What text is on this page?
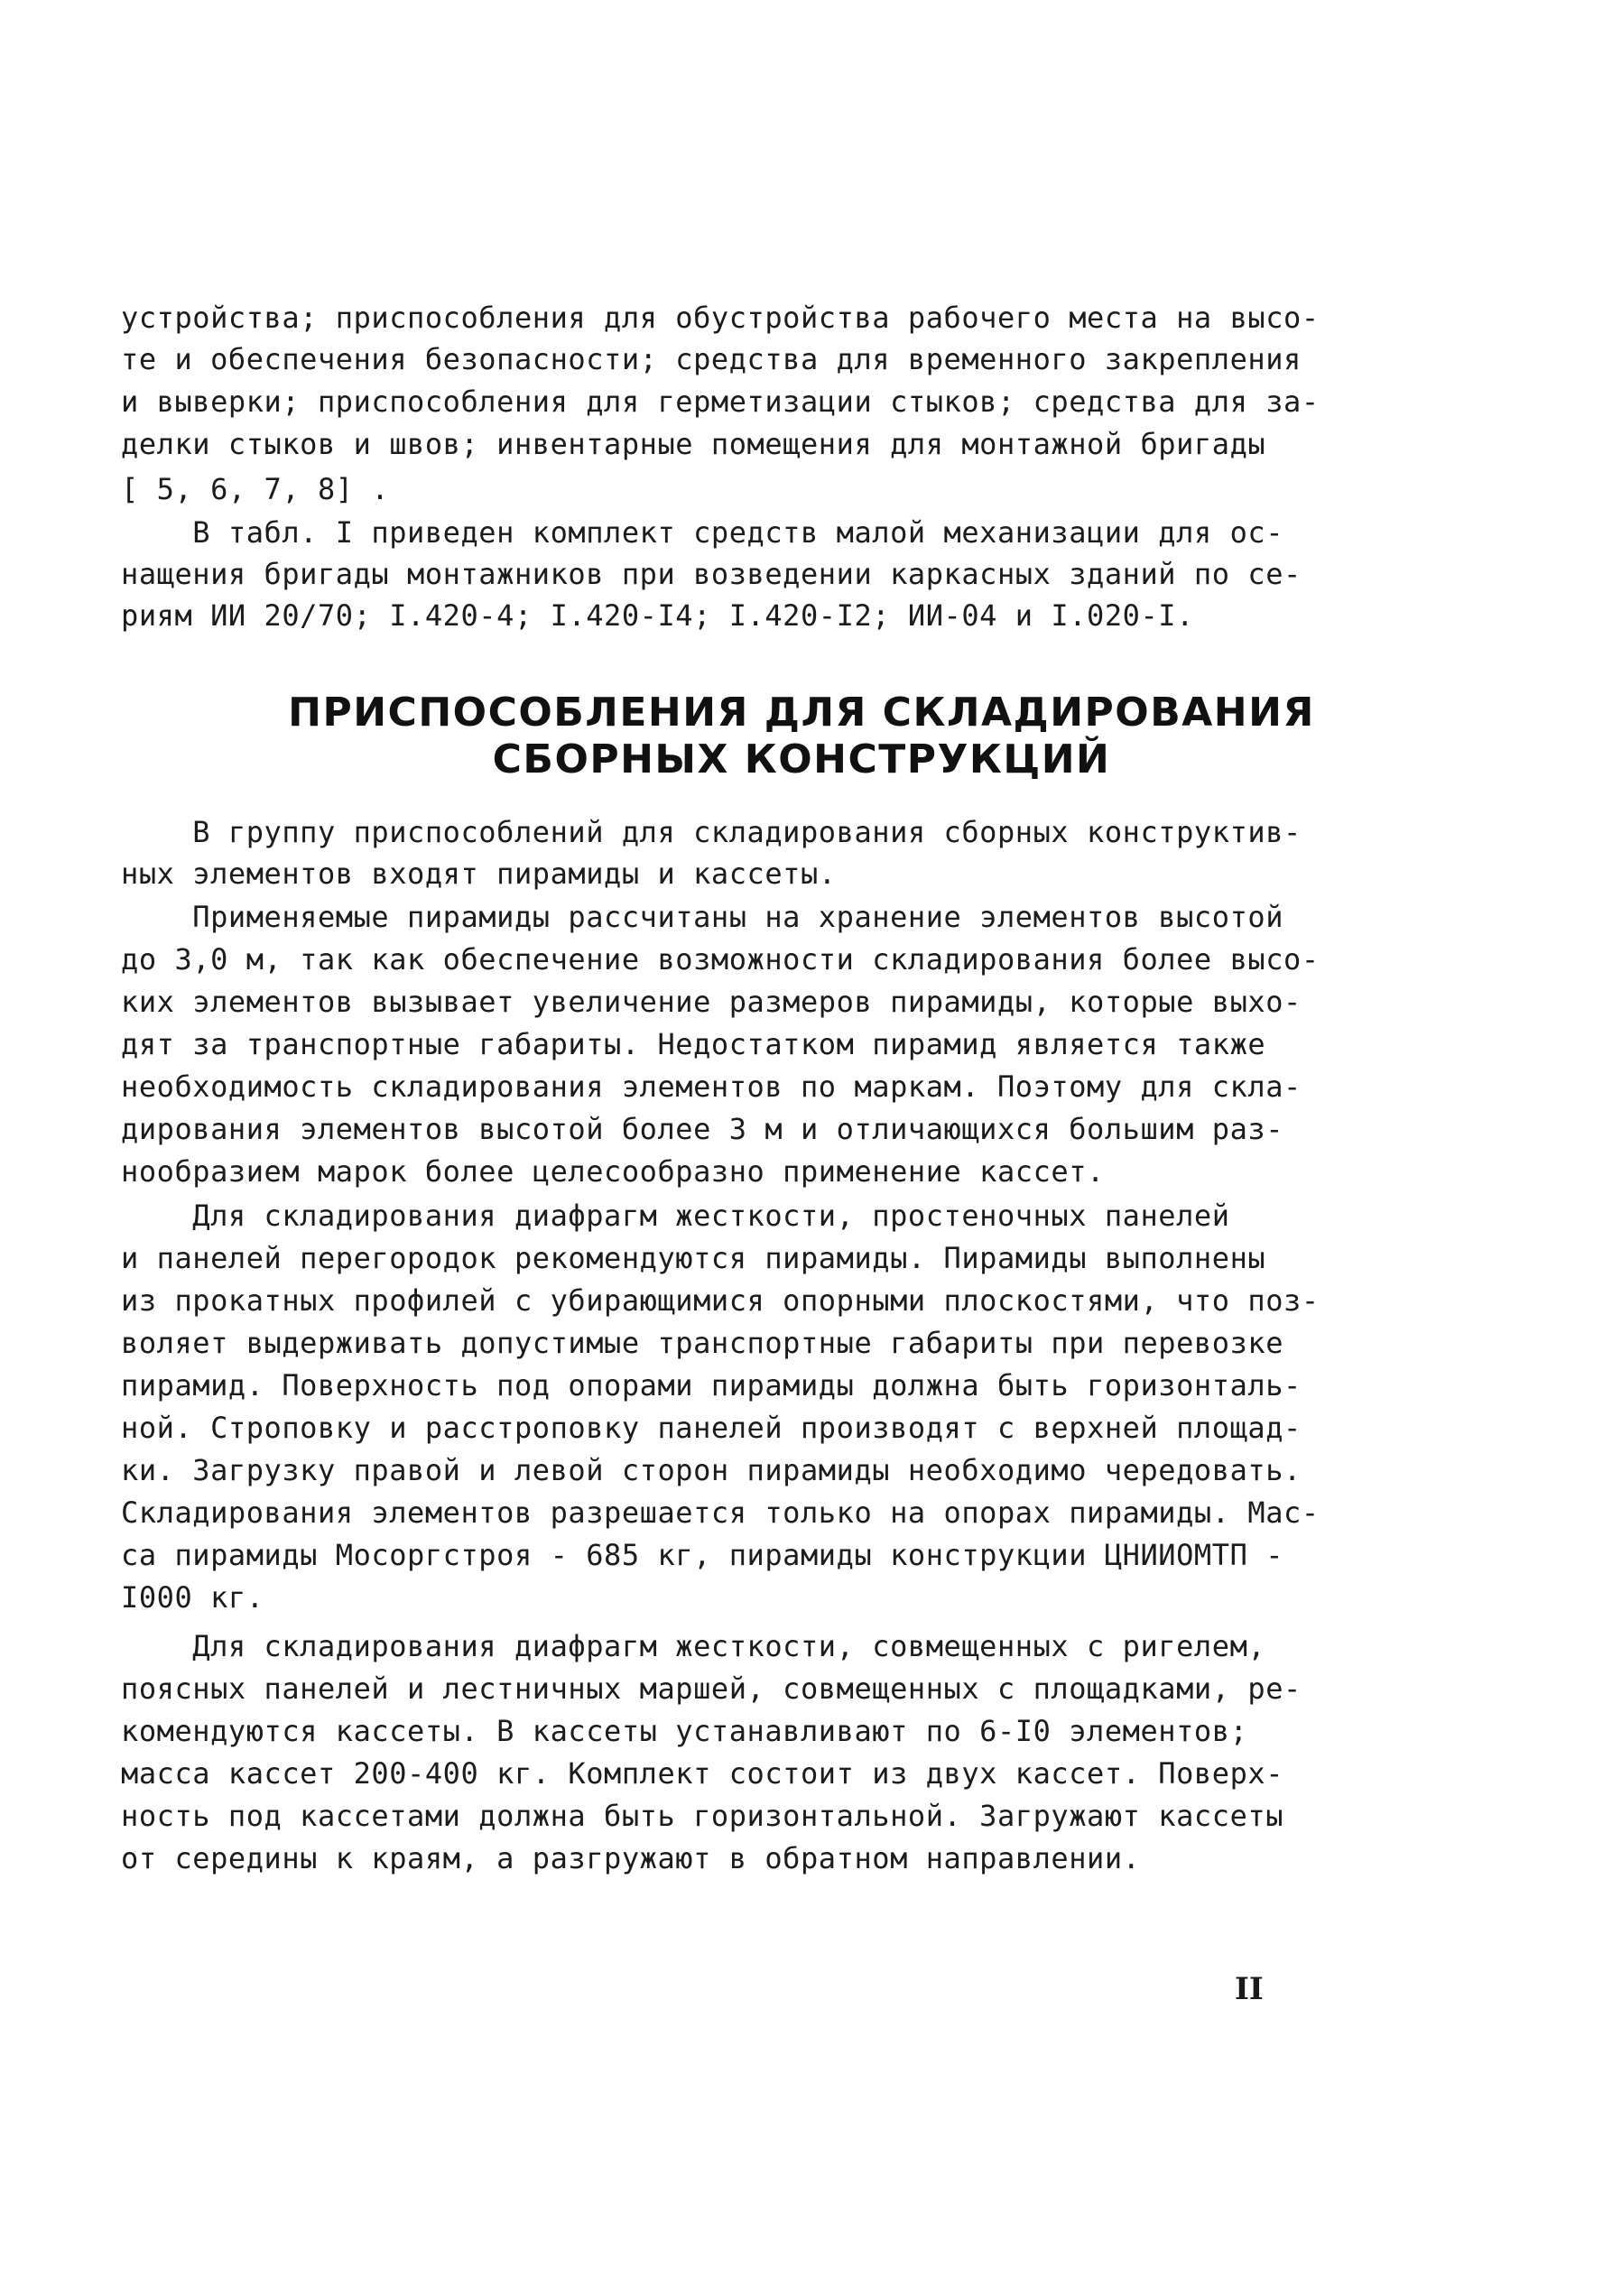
устройства; приспособления для обустройства рабочего места на высо-
те и обеспечения безопасности; средства для временного закрепления
и выверки; приспособления для герметизации стыков; средства для за-
делки стыков и швов; инвентарные помещения для монтажной бригады
[ 5, 6, 7, 8] .
В табл. I приведен комплект средств малой механизации для ос-
нащения бригады монтажников при возведении каркасных зданий по се-
риям ИИ 20/70; I.420-4; I.420-I4; I.420-I2; ИИ-04 и I.020-I.
ПРИСПОСОБЛЕНИЯ ДЛЯ СКЛАДИРОВАНИЯ
СБОРНЫХ КОНСТРУКЦИЙ
В группу приспособлений для складирования сборных конструктив-
ных элементов входят пирамиды и кассеты.
Применяемые пирамиды рассчитаны на хранение элементов высотой
до 3,0 м, так как обеспечение возможности складирования более высо-
ких элементов вызывает увеличение размеров пирамиды, которые выхо-
дят за транспортные габариты. Недостатком пирамид является также
необходимость складирования элементов по маркам. Поэтому для скла-
дирования элементов высотой более 3 м и отличающихся большим раз-
нообразием марок более целесообразно применение кассет.
Для складирования диафрагм жесткости, простеночных панелей
и панелей перегородок рекомендуются пирамиды. Пирамиды выполнены
из прокатных профилей с убирающимися опорными плоскостями, что поз-
воляет выдерживать допустимые транспортные габариты при перевозке
пирамид. Поверхность под опорами пирамиды должна быть горизонталь-
ной. Строповку и расстроповку панелей производят с верхней площад-
ки. Загрузку правой и левой сторон пирамиды необходимо чередовать.
Складирования элементов разрешается только на опорах пирамиды. Мас-
са пирамиды Мосоргстроя - 685 кг, пирамиды конструкции ЦНИИОМТП -
I000 кг.
Для складирования диафрагм жесткости, совмещенных с ригелем,
поясных панелей и лестничных маршей, совмещенных с площадками, ре-
комендуются кассеты. В кассеты устанавливают по 6-I0 элементов;
масса кассет 200-400 кг. Комплект состоит из двух кассет. Поверх-
ность под кассетами должна быть горизонтальной. Загружают кассеты
от середины к краям, а разгружают в обратном направлении.
II
